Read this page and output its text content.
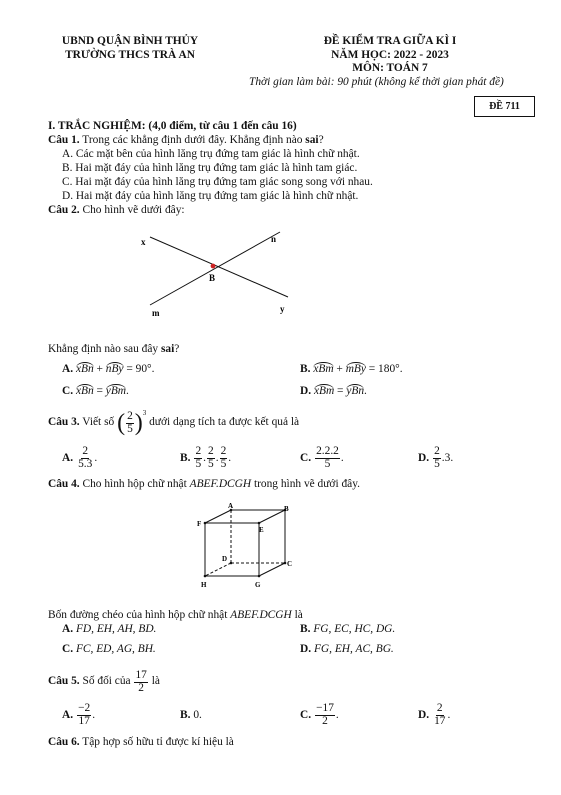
UBND QUẬN BÌNH THỦY
TRƯỜNG THCS TRÀ AN
ĐỀ KIỂM TRA GIỮA KÌ I
NĂM HỌC: 2022 - 2023
MÔN: TOÁN 7
Thời gian làm bài: 90 phút (không kể thời gian phát đề)
ĐỀ 711
I. TRẮC NGHIỆM: (4,0 điểm, từ câu 1 đến câu 16)
Câu 1. Trong các khẳng định dưới đây. Khẳng định nào sai?
A. Các mặt bên của hình lăng trụ đứng tam giác là hình chữ nhật.
B. Hai mặt đáy của hình lăng trụ đứng tam giác là hình tam giác.
C. Hai mặt đáy của hình lăng trụ đứng tam giác song song với nhau.
D. Hai mặt đáy của hình lăng trụ đứng tam giác là hình chữ nhật.
Câu 2. Cho hình vẽ dưới đây:
x	n
B
m	y
Khẳng định nào sau đây sai?
A. xBn + nBy = 90°.	B. xBm + mBy = 180°.
C. xBn = yBm.	D. xBm = yBn.
Câu 3. Viết số ( $\frac{2}{5} )^3$
dưới dạng tích ta được kết quả là
A. $\frac{2}{5.3}$ .	B. $\frac{2}{5}$ . $\frac{2}{5}$ . $\frac{2}{5}$ .	C. $\frac{2.2.2}{5}$ .	D. $\frac{2}{5} .3$.
Câu 4. Cho hình hộp chữ nhật ABEF.DCGH trong hình vẽ dưới đây.
A	B
F
E
D
C
H	G
Bốn đường chéo của hình hộp chữ nhật ABEF.DCGH là
A. FD, EH, AH, BD.	B. FG, EC, HC, DG.
C. FC, ED, AG, BH.	D. FG, EH, AC, BG.
Câu 5. Số đối của $\frac{17}{2}$ là
A. $\frac{-2}{17}$ .	B. 0.	C. $\frac{-17}{2}$ .	D. $\frac{2}{17}$ .
Câu 6. Tập hợp số hữu tỉ được kí hiệu là
